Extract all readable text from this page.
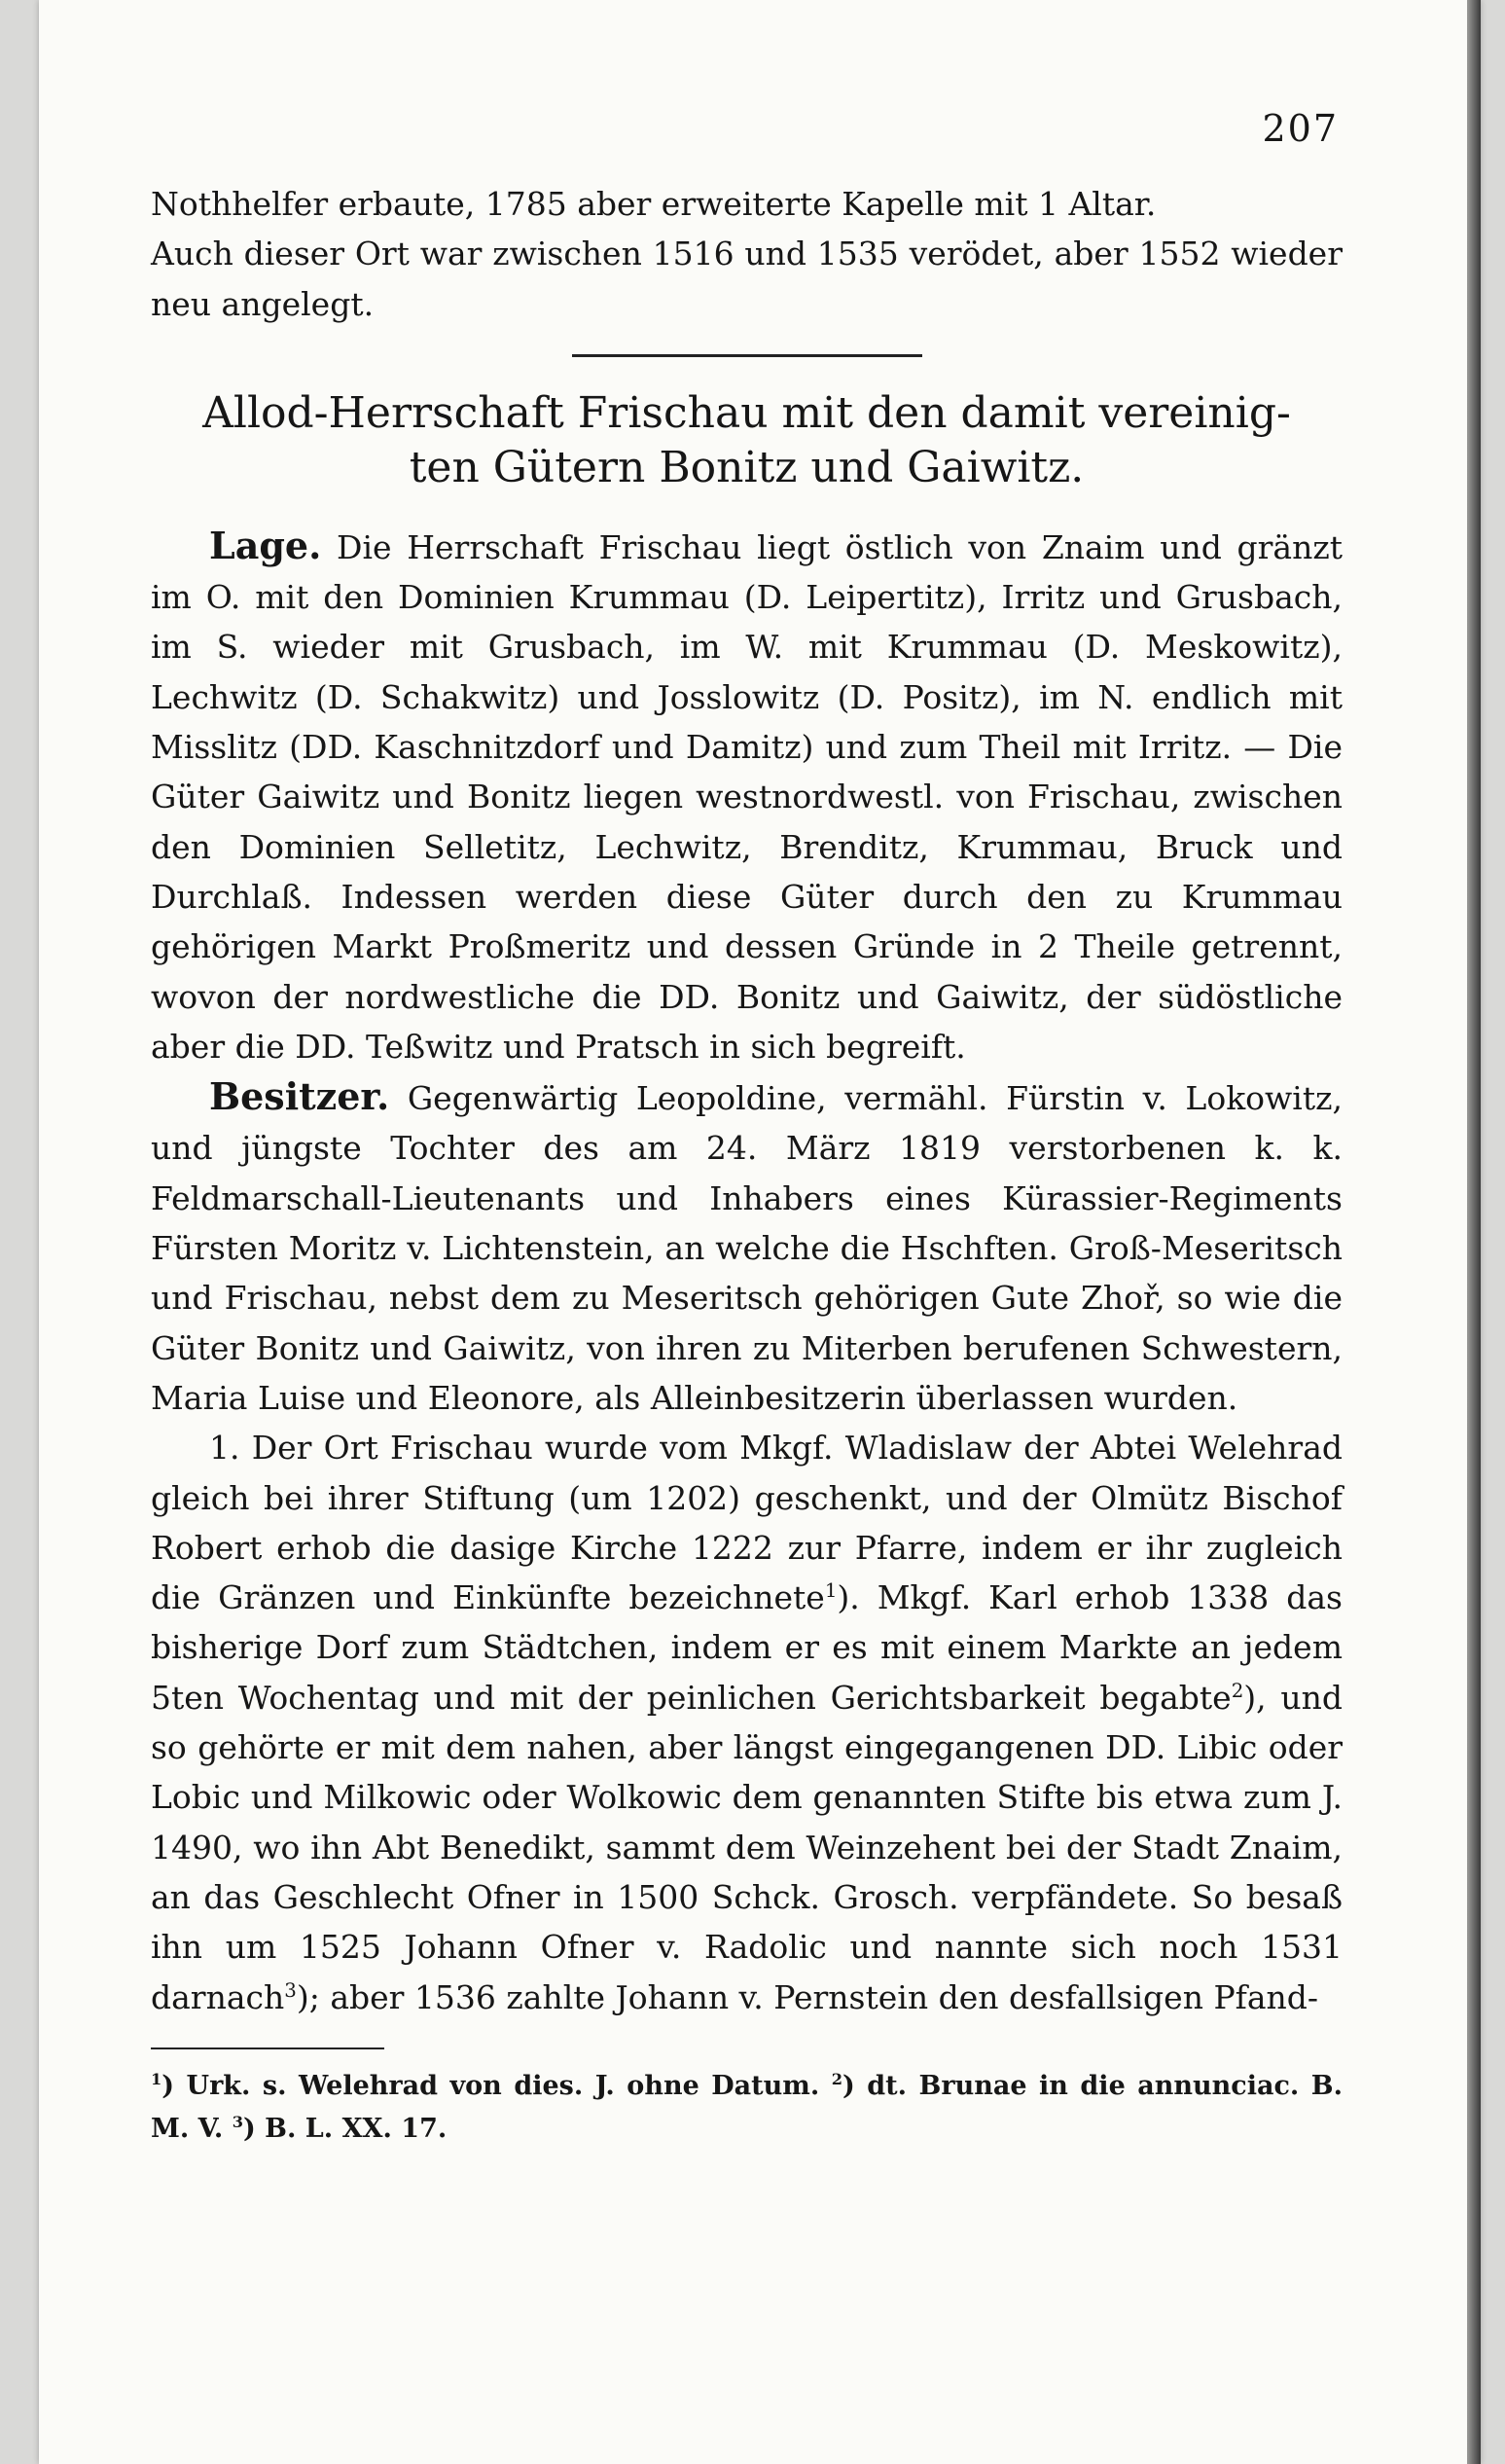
207

Nothhelfer erbaute, 1785 aber erweiterte Kapelle mit 1 Altar.

Auch dieser Ort war zwischen 1516 und 1535 verödet, aber 1552 wieder neu angelegt.

Allod-Herrschaft Frischau mit den damit vereinig-
ten Gütern Bonitz und Gaiwitz.

Lage. Die Herrschaft Frischau liegt östlich von Znaim und gränzt im O. mit den Dominien Krummau (D. Leipertitz), Irritz und Grusbach, im S. wieder mit Grusbach, im W. mit Krummau (D. Meskowitz), Lechwitz (D. Schakwitz) und Josslowitz (D. Positz), im N. endlich mit Misslitz (DD. Kaschnitzdorf und Damitz) und zum Theil mit Irritz. — Die Güter Gaiwitz und Bonitz liegen westnordwestl. von Frischau, zwischen den Dominien Selletitz, Lechwitz, Brenditz, Krummau, Bruck und Durchlaß. Indessen werden diese Güter durch den zu Krummau gehörigen Markt Proßmeritz und dessen Gründe in 2 Theile getrennt, wovon der nordwestliche die DD. Bonitz und Gaiwitz, der südöstliche aber die DD. Teßwitz und Pratsch in sich begreift.

Besitzer. Gegenwärtig Leopoldine, vermähl. Fürstin v. Lokowitz, und jüngste Tochter des am 24. März 1819 verstorbenen k. k. Feldmarschall-Lieutenants und Inhabers eines Kürassier-Regiments Fürsten Moritz v. Lichtenstein, an welche die Hschften. Groß-Meseritsch und Frischau, nebst dem zu Meseritsch gehörigen Gute Zhoř, so wie die Güter Bonitz und Gaiwitz, von ihren zu Miterben berufenen Schwestern, Maria Luise und Eleonore, als Alleinbesitzerin überlassen wurden.

1. Der Ort Frischau wurde vom Mkgf. Wladislaw der Abtei Welehrad gleich bei ihrer Stiftung (um 1202) geschenkt, und der Olmütz Bischof Robert erhob die dasige Kirche 1222 zur Pfarre, indem er ihr zugleich die Gränzen und Einkünfte bezeichnete$^1$). Mkgf. Karl erhob 1338 das bisherige Dorf zum Städtchen, indem er es mit einem Markte an jedem 5ten Wochentag und mit der peinlichen Gerichtsbarkeit begabte$^2$), und so gehörte er mit dem nahen, aber längst eingegangenen DD. Libic oder Lobic und Milkowic oder Wolkowic dem genannten Stifte bis etwa zum J. 1490, wo ihn Abt Benedikt, sammt dem Weinzehent bei der Stadt Znaim, an das Geschlecht Ofner in 1500 Schck. Grosch. verpfändete. So besaß ihn um 1525 Johann Ofner v. Radolic und nannte sich noch 1531 darnach$^3$); aber 1536 zahlte Johann v. Pernstein den desfallsigen Pfand-

$^1$) Urk. s. Welehrad von dies. J. ohne Datum. $^2$) dt. Brunae in die annunciac. B. M. V. $^3$) B. L. XX. 17.
